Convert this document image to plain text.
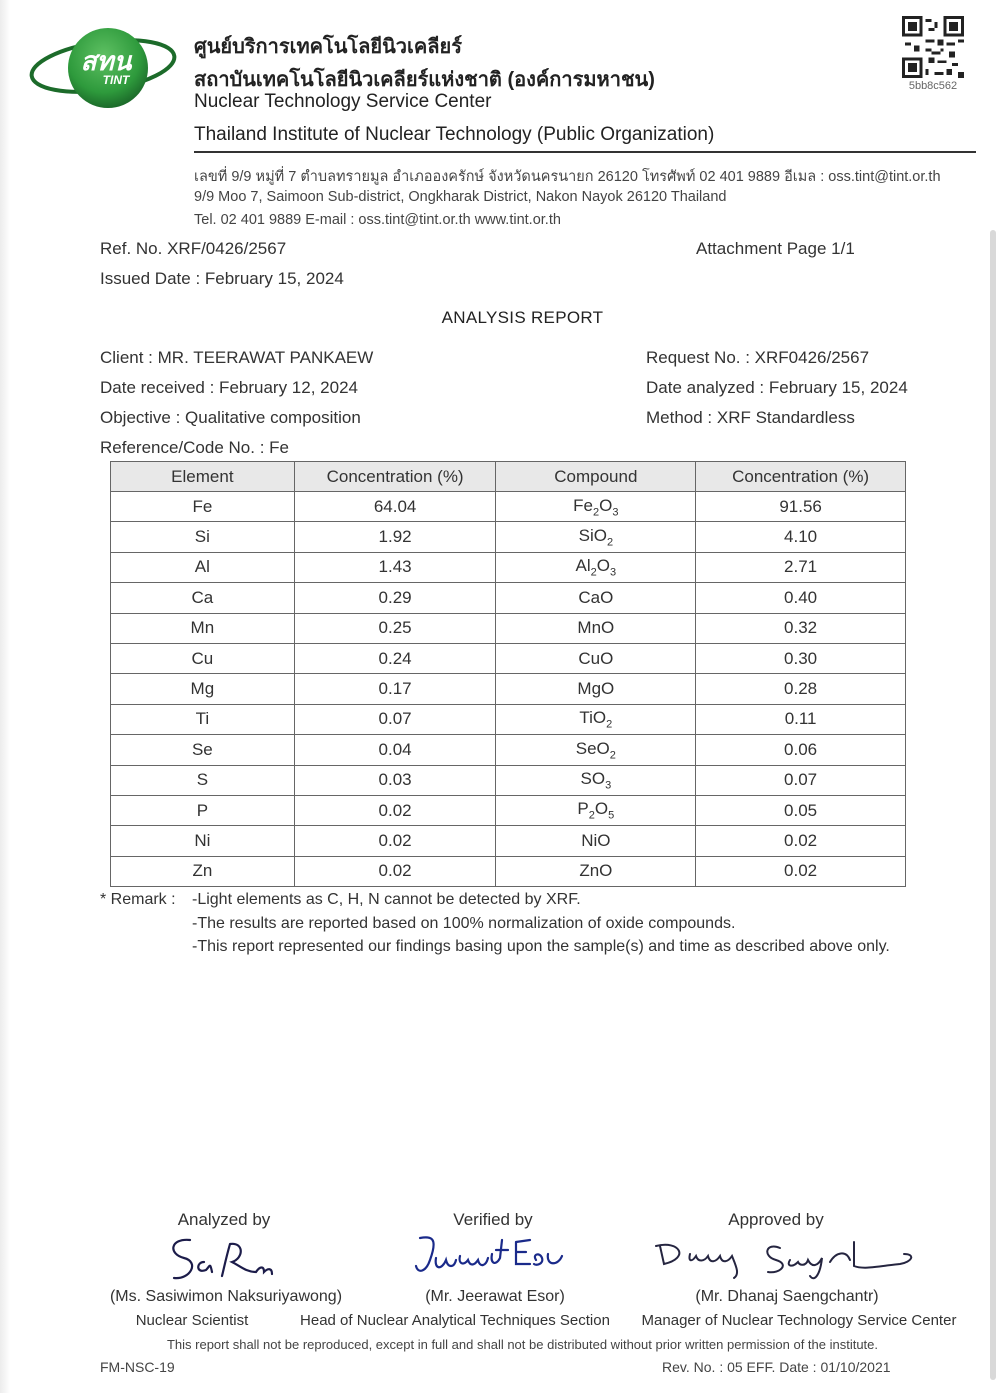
สทน
TINT
ศูนย์บริการเทคโนโลยีนิวเคลียร์
สถาบันเทคโนโลยีนิวเคลียร์แห่งชาติ (องค์การมหาชน)
Nuclear Technology Service Center
Thailand Institute of Nuclear Technology (Public Organization)
5bb8c562
เลขที่ 9/9 หมู่ที่ 7 ตำบลทรายมูล อำเภอองครักษ์ จังหวัดนครนายก 26120 โทรศัพท์ 02 401 9889 อีเมล : oss.tint@tint.or.th
9/9 Moo 7, Saimoon Sub-district, Ongkharak District, Nakon Nayok 26120 Thailand
Tel. 02 401 9889 E-mail : oss.tint@tint.or.th www.tint.or.th
Ref. No. XRF/0426/2567	Attachment Page 1/1
Issued Date : February 15, 2024
ANALYSIS REPORT
Client : MR. TEERAWAT PANKAEW
Date received : February 12, 2024
Objective : Qualitative composition
Reference/Code No. : Fe
Request No. : XRF0426/2567
Date analyzed : February 15, 2024
Method : XRF Standardless
Element	Concentration (%)	Compound	Concentration (%)
Fe	64.04	$Fe_2O_3$	91.56
Si	1.92	SiO$_2$	4.10
Al	1.43	$Al_2O_3$	2.71
Ca	0.29	CaO	0.40
Mn	0.25	MnO	0.32
Cu	0.24	CuO	0.30
Mg	0.17	MgO	0.28
Ti	0.07	TiO$_2$	0.11
Se	0.04	SeO$_2$	0.06
S	0.03	$SO_3$	0.07
P	0.02	$P_2O_5$	0.05
Ni	0.02	NiO	0.02
Zn	0.02	ZnO	0.02
* Remark : -Light elements as C, H, N cannot be detected by XRF.
-The results are reported based on 100% normalization of oxide compounds.
-This report represented our findings basing upon the sample(s) and time as described above only.
Analyzed by	Verified by	Approved by
(Ms. Sasiwimon Naksuriyawong)	(Mr. Jeerawat Esor)	(Mr. Dhanaj Saengchantr)
Nuclear Scientist	Head of Nuclear Analytical Techniques Section	Manager of Nuclear Technology Service Center
This report shall not be reproduced, except in full and shall not be distributed without prior written permission of the institute.
FM-NSC-19	Rev. No. : 05 EFF. Date : 01/10/2021
